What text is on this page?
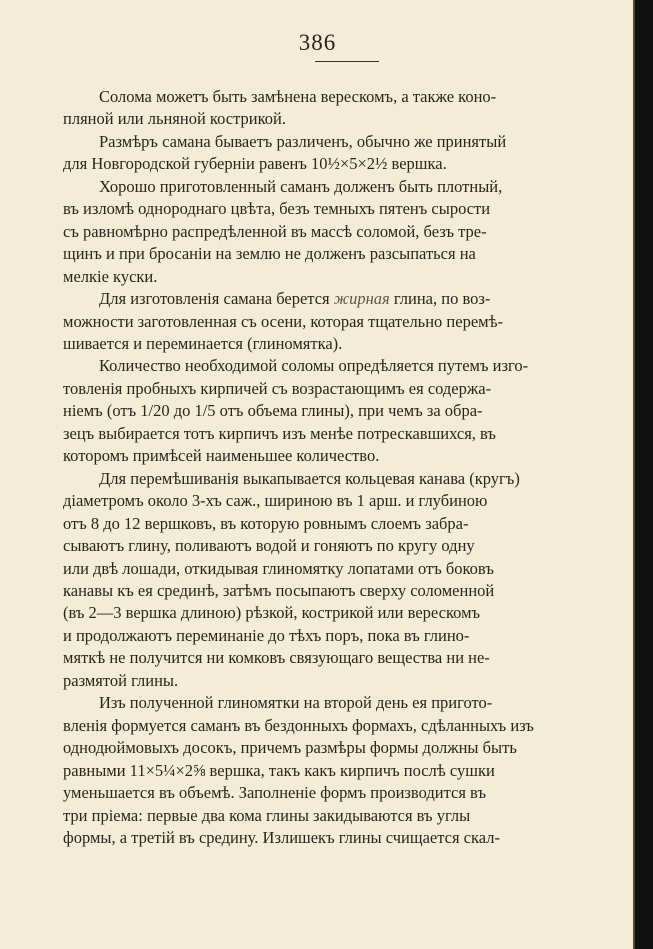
386

Солома можетъ быть замѣнена верескомъ, а также коно-
пляной или льняной кострикой.

Размѣръ самана бываетъ различенъ, обычно же принятый
для Новгородской губерніи равенъ 10½×5×2½ вершка.

Хорошо приготовленный саманъ долженъ быть плотный,
въ изломѣ однороднаго цвѣта, безъ темныхъ пятенъ сырости
съ равномѣрно распредѣленной въ массѣ соломой, безъ тре-
щинъ и при бросаніи на землю не долженъ разсыпаться на
мелкіе куски.

Для изготовленія самана берется жирная глина, по воз-
можности заготовленная съ осени, которая тщательно перемѣ-
шивается и переминается (глиномятка).

Количество необходимой соломы опредѣляется путемъ изго-
товленія пробныхъ кирпичей съ возрастающимъ ея содержа-
ніемъ (отъ 1/20 до 1/5 отъ объема глины), при чемъ за обра-
зецъ выбирается тотъ кирпичъ изъ менѣе потрескавшихся, въ
которомъ примѣсей наименьшее количество.

Для перемѣшиванія выкапывается кольцевая канава (кругъ)
діаметромъ около 3-хъ саж., шириною въ 1 арш. и глубиною
отъ 8 до 12 вершковъ, въ которую ровнымъ слоемъ забра-
сываютъ глину, поливаютъ водой и гоняютъ по кругу одну
или двѣ лошади, откидывая глиномятку лопатами отъ боковъ
канавы къ ея срединѣ, затѣмъ посыпаютъ сверху соломенной
(въ 2—3 вершка длиною) рѣзкой, кострикой или верескомъ
и продолжаютъ переминаніе до тѣхъ поръ, пока въ глино-
мяткѣ не получится ни комковъ связующаго вещества ни не-
размятой глины.

Изъ полученной глиномятки на второй день ея пригото-
вленія формуется саманъ въ бездонныхъ формахъ, сдѣланныхъ изъ
однодюймовыхъ досокъ, причемъ размѣры формы должны быть
равными 11×5¼×2⅝ вершка, такъ какъ кирпичъ послѣ сушки
уменьшается въ объемѣ. Заполненіе формъ производится въ
три пріема: первые два кома глины закидываются въ углы
формы, а третій въ средину. Излишекъ глины счищается скал-
